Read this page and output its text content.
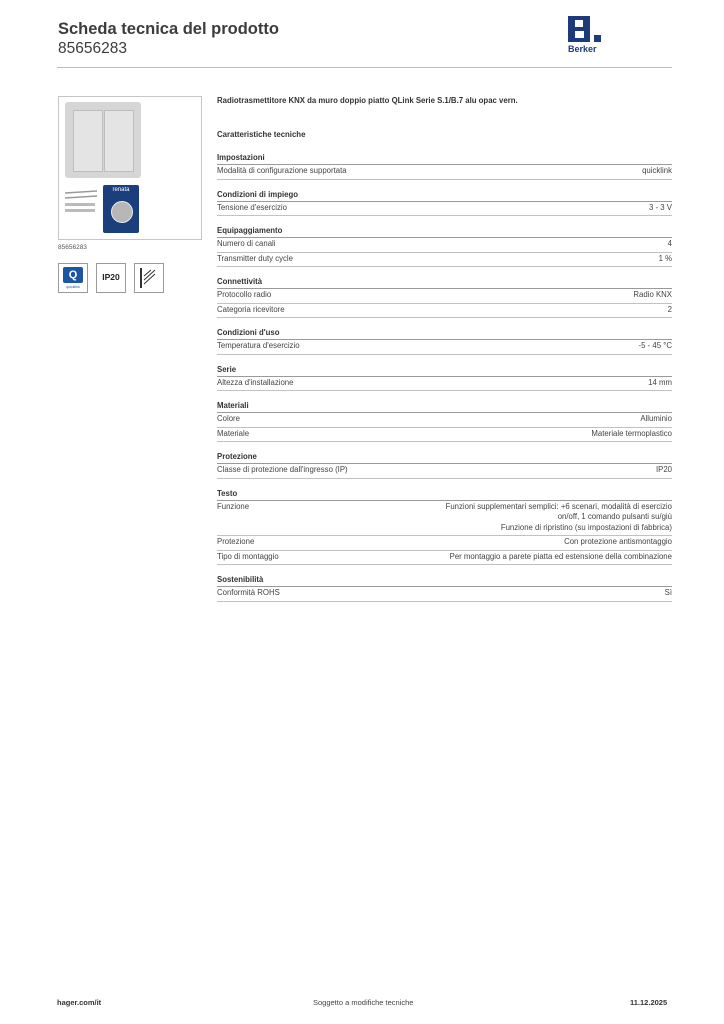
Scheda tecnica del prodotto
85656283	Berker
renata
85656283
Q
quicklink
IP20
Radiotrasmettitore KNX da muro doppio piatto QLink Serie S.1/B.7 alu opac vern.
Caratteristiche tecniche
Impostazioni
Modalità di configurazione supportata	quicklink
Condizioni di impiego
Tensione d'esercizio	3 - 3 V
Equipaggiamento
Numero di canali	4
Transmitter duty cycle	1 %
Connettività
Protocollo radio	Radio KNX
Categoria ricevitore	2
Condizioni d'uso
Temperatura d'esercizio	-5 - 45 °C
Serie
Altezza d'installazione	14 mm
Materiali
Colore	Alluminio
Materiale	Materiale termoplastico
Protezione
Classe di protezione dall'ingresso (IP)	IP20
Testo
Funzione	Funzioni supplementari semplici: +6 scenari, modalità di esercizio
on/off, 1 comando pulsanti su/giù
Funzione di ripristino (su impostazioni di fabbrica)
Protezione	Con protezione antismontaggio
Tipo di montaggio	Per montaggio a parete piatta ed estensione della combinazione
Sostenibilità
Conformità ROHS	Sì
hager.com/it	Soggetto a modifiche tecniche	11.12.2025
